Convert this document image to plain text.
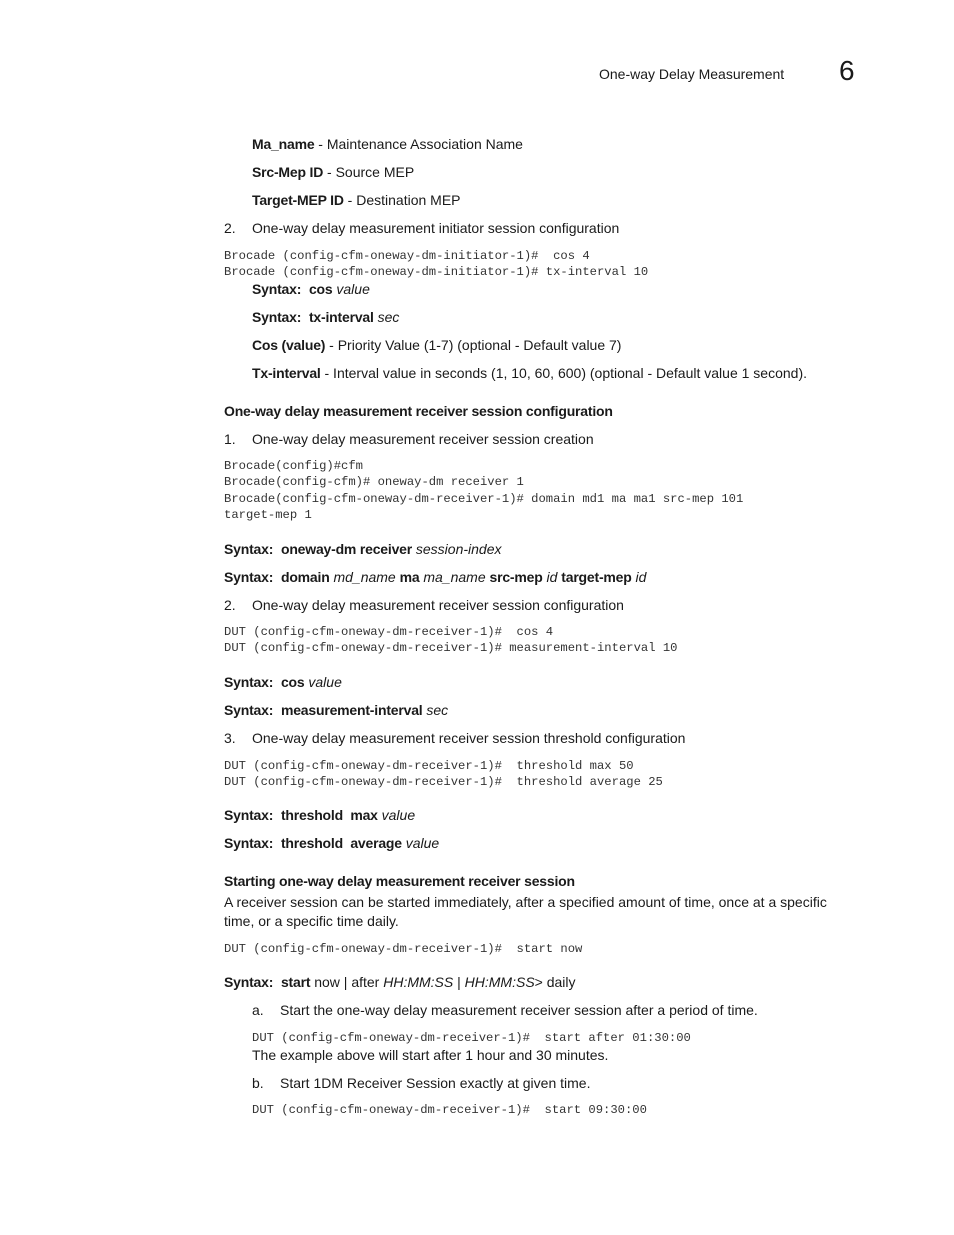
One-way Delay Measurement 6
Ma_name - Maintenance Association Name
Src-Mep ID - Source MEP
Target-MEP ID - Destination MEP
2. One-way delay measurement initiator session configuration
Brocade (config-cfm-oneway-dm-initiator-1)#  cos 4
Brocade (config-cfm-oneway-dm-initiator-1)# tx-interval 10
Syntax: cos value
Syntax: tx-interval sec
Cos (value) - Priority Value (1-7) (optional - Default value 7)
Tx-interval - Interval value in seconds (1, 10, 60, 600) (optional - Default value 1 second).
One-way delay measurement receiver session configuration
1. One-way delay measurement receiver session creation
Brocade(config)#cfm
Brocade(config-cfm)# oneway-dm receiver 1
Brocade(config-cfm-oneway-dm-receiver-1)# domain md1 ma ma1 src-mep 101
target-mep 1
Syntax: oneway-dm receiver session-index
Syntax: domain md_name ma ma_name src-mep id target-mep id
2. One-way delay measurement receiver session configuration
DUT (config-cfm-oneway-dm-receiver-1)#  cos 4
DUT (config-cfm-oneway-dm-receiver-1)# measurement-interval 10
Syntax: cos value
Syntax: measurement-interval sec
3. One-way delay measurement receiver session threshold configuration
DUT (config-cfm-oneway-dm-receiver-1)#  threshold max 50
DUT (config-cfm-oneway-dm-receiver-1)#  threshold average 25
Syntax: threshold  max value
Syntax: threshold  average value
Starting one-way delay measurement receiver session
A receiver session can be started immediately, after a specified amount of time, once at a specific
time, or a specific time daily.
DUT (config-cfm-oneway-dm-receiver-1)#  start now
Syntax: start now | after HH:MM:SS | HH:MM:SS> daily
a. Start the one-way delay measurement receiver session after a period of time.
DUT (config-cfm-oneway-dm-receiver-1)#  start after 01:30:00
The example above will start after 1 hour and 30 minutes.
b. Start 1DM Receiver Session exactly at given time.
DUT (config-cfm-oneway-dm-receiver-1)#  start 09:30:00
